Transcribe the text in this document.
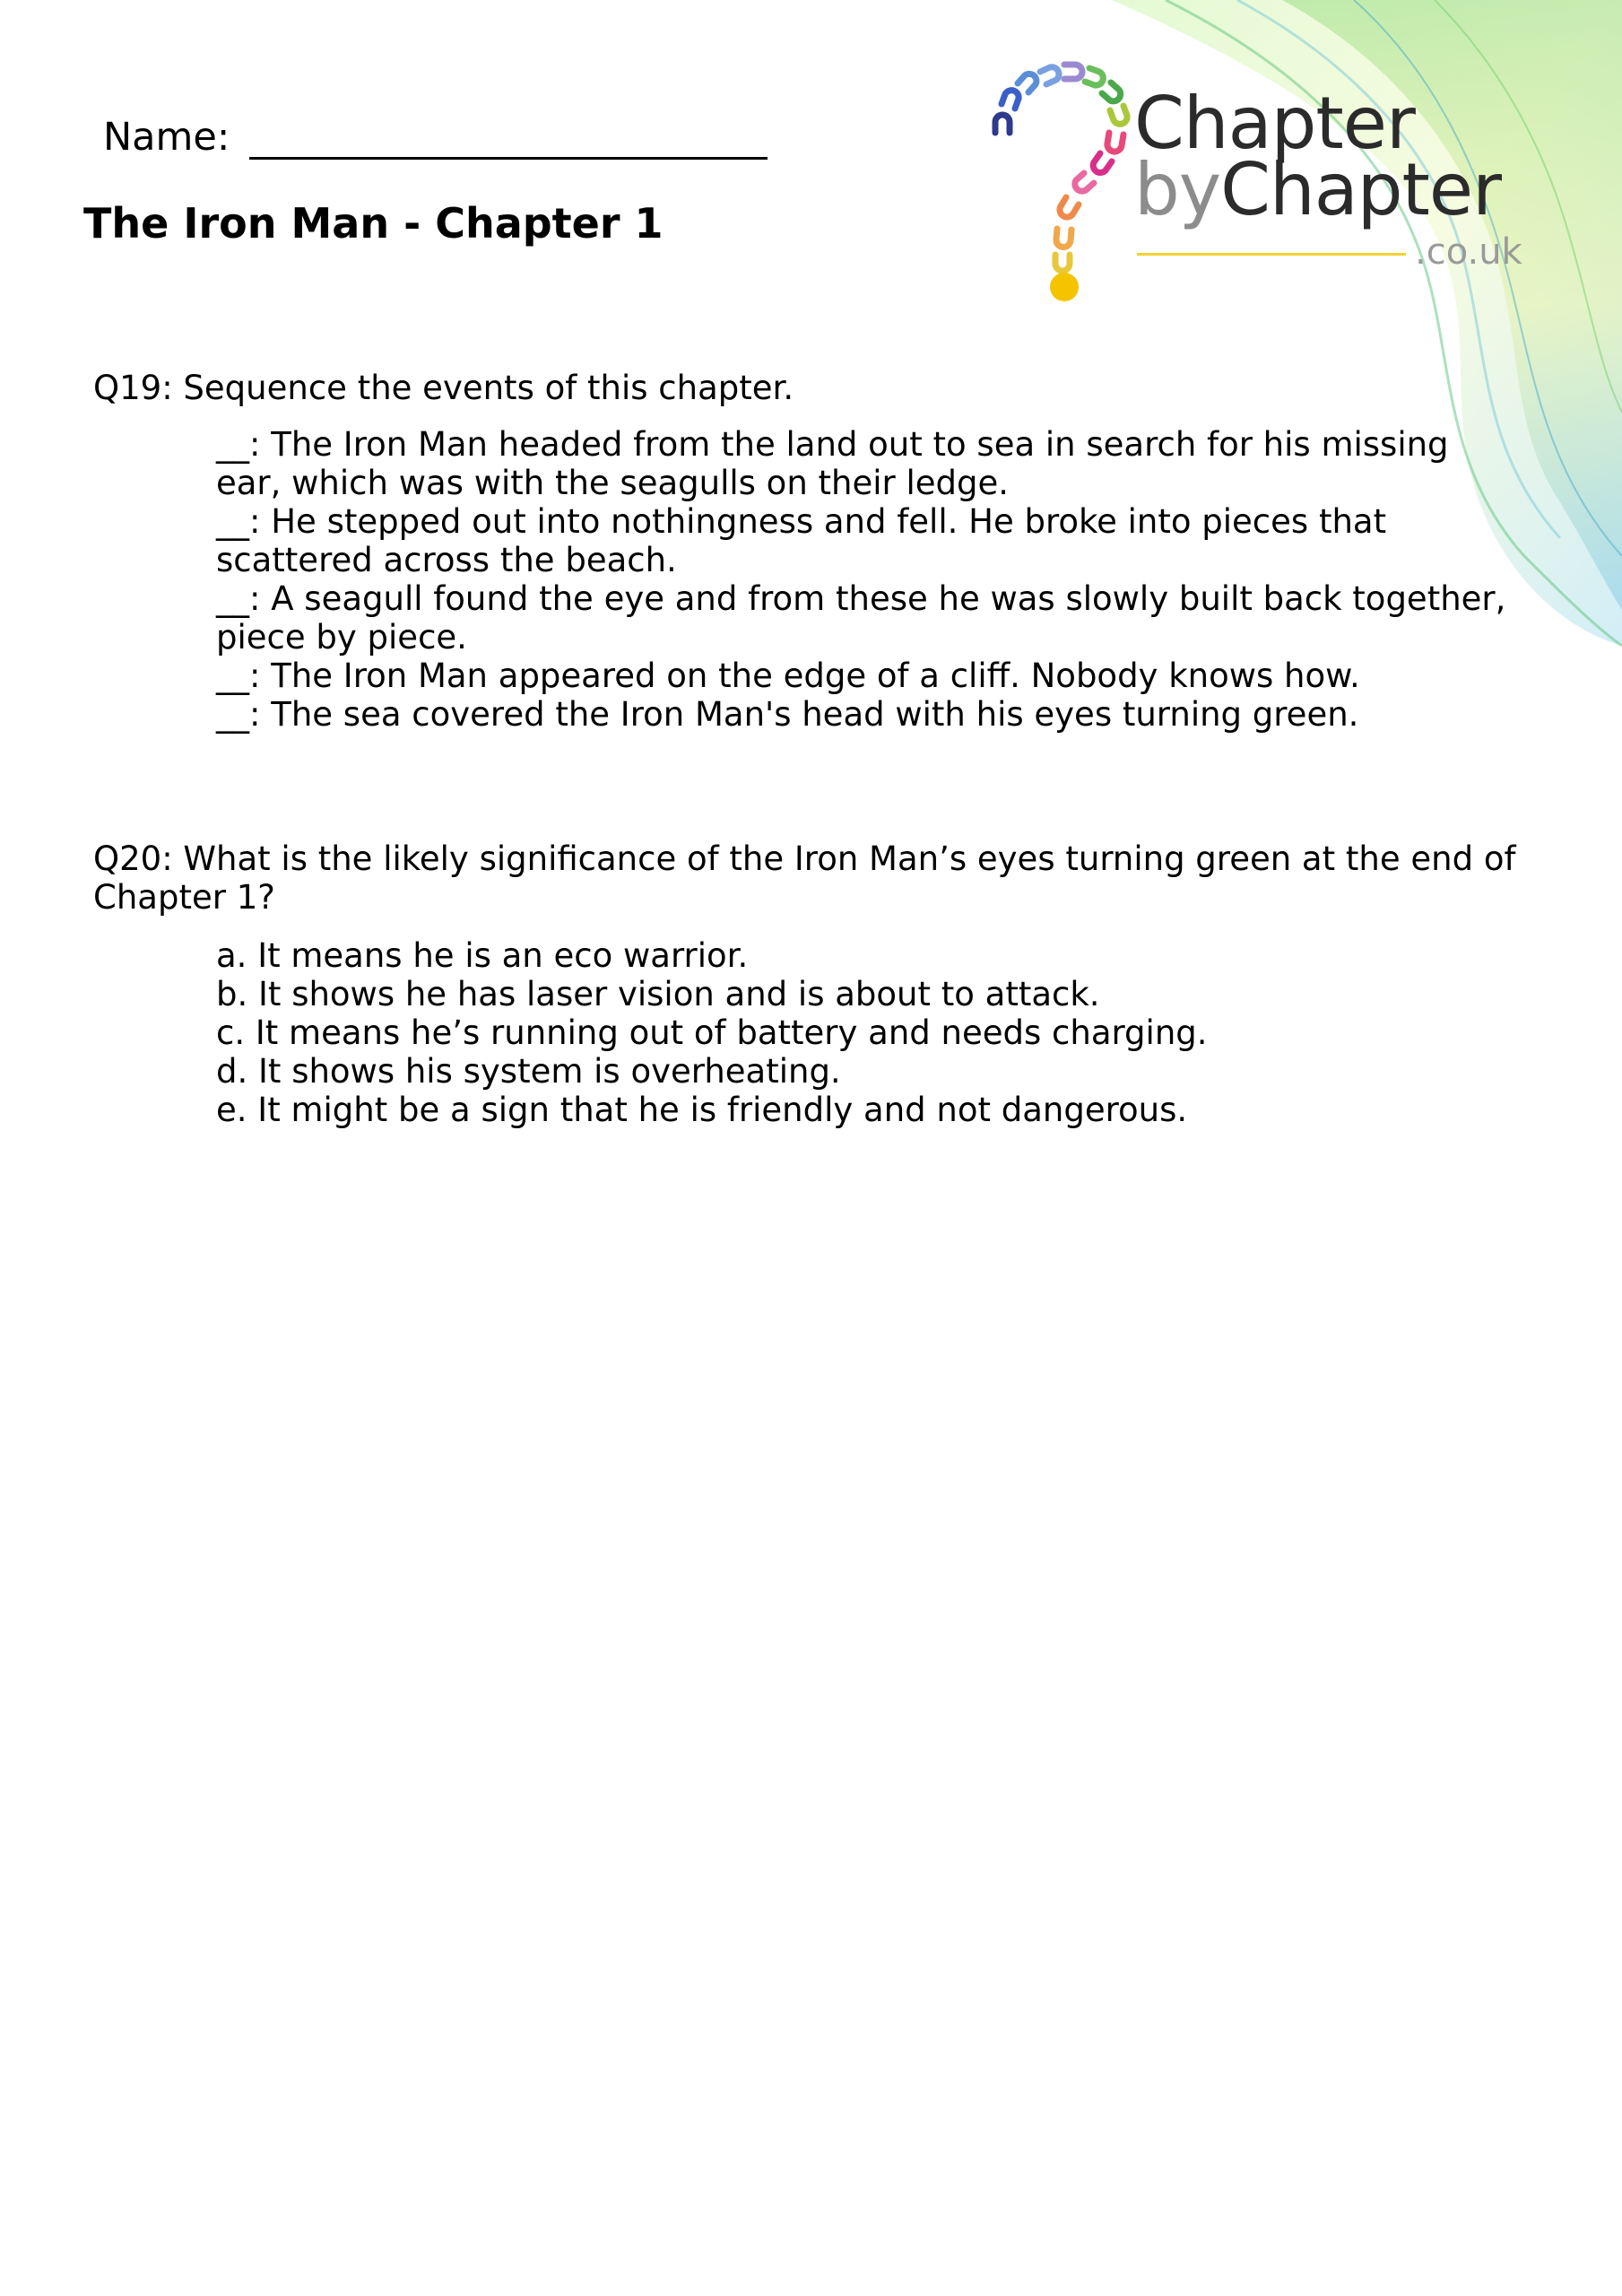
Name:
The Iron Man - Chapter 1
Chapter
byChapter
.co.uk

Q19: Sequence the events of this chapter.

__: The Iron Man headed from the land out to sea in search for his missing ear, which was with the seagulls on their ledge.
__: He stepped out into nothingness and fell. He broke into pieces that scattered across the beach.
__: A seagull found the eye and from these he was slowly built back together, piece by piece.
__: The Iron Man appeared on the edge of a cliff. Nobody knows how.
__: The sea covered the Iron Man's head with his eyes turning green.

Q20: What is the likely significance of the Iron Man’s eyes turning green at the end of Chapter 1?

a. It means he is an eco warrior.
b. It shows he has laser vision and is about to attack.
c. It means he’s running out of battery and needs charging.
d. It shows his system is overheating.
e. It might be a sign that he is friendly and not dangerous.
